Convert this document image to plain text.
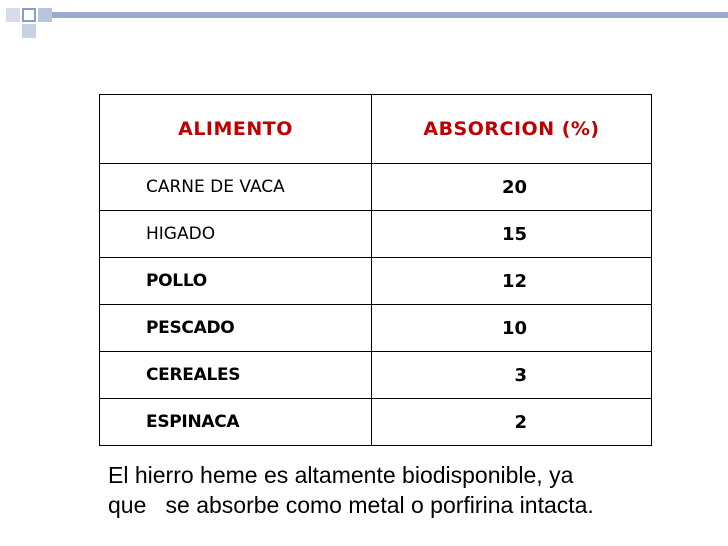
ALIMENTO	ABSORCION (%)
CARNE DE VACA	20
HIGADO	15
POLLO	12
PESCADO	10
CEREALES	3
ESPINACA	2
El hierro heme es altamente biodisponible, ya
que   se absorbe como metal o porfirina intacta.
